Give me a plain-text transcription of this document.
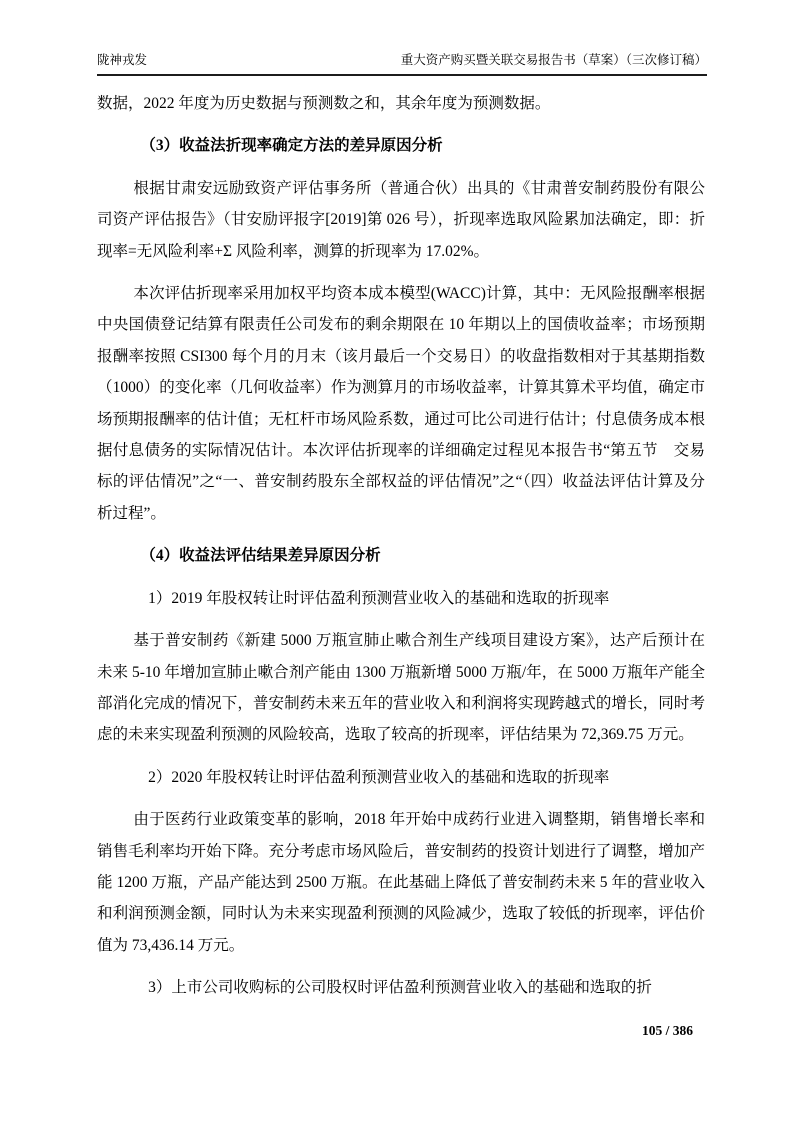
陇神戎发	重大资产购买暨关联交易报告书（草案）（三次修订稿）

数据，2022 年度为历史数据与预测数之和，其余年度为预测数据。

（3）收益法折现率确定方法的差异原因分析

根据甘肃安远励致资产评估事务所（普通合伙）出具的《甘肃普安制药股份有限公司资产评估报告》（甘安励评报字[2019]第 026 号），折现率选取风险累加法确定，即：折现率=无风险利率+Σ 风险利率，测算的折现率为 17.02%。

本次评估折现率采用加权平均资本成本模型(WACC)计算，其中：无风险报酬率根据中央国债登记结算有限责任公司发布的剩余期限在 10 年期以上的国债收益率；市场预期报酬率按照 CSI300 每个月的月末（该月最后一个交易日）的收盘指数相对于其基期指数（1000）的变化率（几何收益率）作为测算月的市场收益率，计算其算术平均值，确定市场预期报酬率的估计值；无杠杆市场风险系数，通过可比公司进行估计；付息债务成本根据付息债务的实际情况估计。本次评估折现率的详细确定过程见本报告书“第五节　交易标的评估情况”之“一、普安制药股东全部权益的评估情况”之“（四）收益法评估计算及分析过程”。

（4）收益法评估结果差异原因分析

1）2019 年股权转让时评估盈利预测营业收入的基础和选取的折现率

基于普安制药《新建 5000 万瓶宣肺止嗽合剂生产线项目建设方案》，达产后预计在未来 5-10 年增加宣肺止嗽合剂产能由 1300 万瓶新增 5000 万瓶/年，在 5000 万瓶年产能全部消化完成的情况下，普安制药未来五年的营业收入和利润将实现跨越式的增长，同时考虑的未来实现盈利预测的风险较高，选取了较高的折现率，评估结果为 72,369.75 万元。

2）2020 年股权转让时评估盈利预测营业收入的基础和选取的折现率

由于医药行业政策变革的影响，2018 年开始中成药行业进入调整期，销售增长率和销售毛利率均开始下降。充分考虑市场风险后，普安制药的投资计划进行了调整，增加产能 1200 万瓶，产品产能达到 2500 万瓶。在此基础上降低了普安制药未来 5 年的营业收入和利润预测金额，同时认为未来实现盈利预测的风险减少，选取了较低的折现率，评估价值为 73,436.14 万元。

3）上市公司收购标的公司股权时评估盈利预测营业收入的基础和选取的折

105 / 386
